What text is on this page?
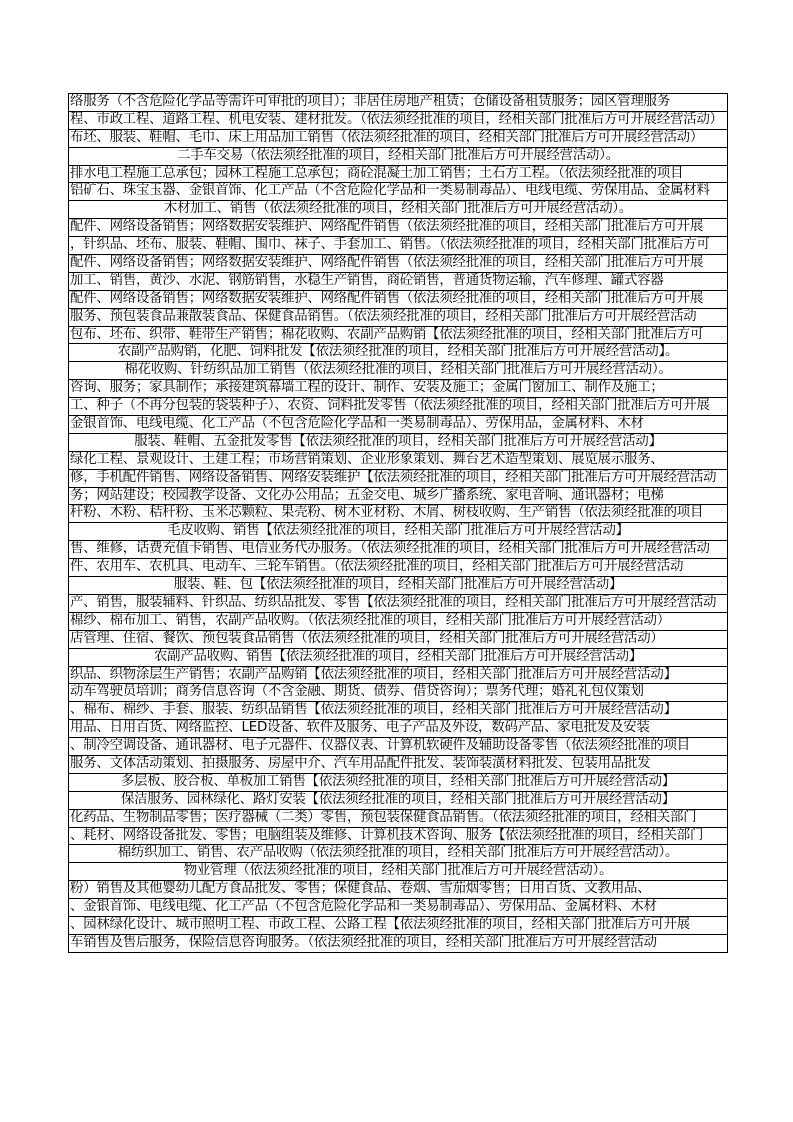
络服务（不含危险化学品等需许可审批的项目）；非居住房地产租赁；仓储设备租赁服务；园区管理服务
程、市政工程、道路工程、机电安装、建材批发。（依法须经批准的项目，经相关部门批准后方可开展经营活动）
布坯、服装、鞋帽、毛巾、床上用品加工销售（依法须经批准的项目，经相关部门批准后方可开展经营活动）
二手车交易（依法须经批准的项目，经相关部门批准后方可开展经营活动）。
排水电工程施工总承包；园林工程施工总承包；商砼混凝土加工销售；土石方工程。（依法须经批准的项目
铝矿石、珠宝玉器、金银首饰、化工产品（不含危险化学品和一类易制毒品）、电线电缆、劳保用品、金属材料
木材加工、销售（依法须经批准的项目，经相关部门批准后方可开展经营活动）。
配件、网络设备销售；网络数据安装维护、网络配件销售（依法须经批准的项目，经相关部门批准后方可开展
，针织品、坯布、服装、鞋帽、围巾、袜子、手套加工、销售。（依法须经批准的项目，经相关部门批准后方可
配件、网络设备销售；网络数据安装维护、网络配件销售（依法须经批准的项目，经相关部门批准后方可开展
加工、销售，黄沙、水泥、钢筋销售，水稳生产销售，商砼销售，普通货物运输，汽车修理、罐式容器
配件、网络设备销售；网络数据安装维护、网络配件销售（依法须经批准的项目，经相关部门批准后方可开展
服务、预包装食品兼散装食品、保健食品销售。（依法须经批准的项目，经相关部门批准后方可开展经营活动
包布、坯布、织带、鞋带生产销售；棉花收购、农副产品购销【依法须经批准的项目，经相关部门批准后方可
农副产品购销，化肥、饲料批发【依法须经批准的项目，经相关部门批准后方可开展经营活动】。
棉花收购、针纺织品加工销售（依法须经批准的项目，经相关部门批准后方可开展经营活动）。
咨询、服务；家具制作；承接建筑幕墙工程的设计、制作、安装及施工；金属门窗加工、制作及施工；
工、种子（不再分包装的袋装种子）、农资、饲料批发零售（依法须经批准的项目，经相关部门批准后方可开展
金银首饰、电线电缆、化工产品（不包含危险化学品和一类易制毒品）、劳保用品，金属材料、木材
服装、鞋帽、五金批发零售【依法须经批准的项目，经相关部门批准后方可开展经营活动】
绿化工程、景观设计、土建工程；市场营销策划、企业形象策划、舞台艺术造型策划、展览展示服务、
修，手机配件销售、网络设备销售、网络安装维护【依法须经批准的项目，经相关部门批准后方可开展经营活动
务；网站建设；校园教学设备、文化办公用品；五金交电、城乡广播系统、家电音响、通讯器材；电梯
秆粉、木粉、秸秆粉、玉米芯颗粒、果壳粉、树木亚材粉、木屑、树枝收购、生产销售（依法须经批准的项目
毛皮收购、销售【依法须经批准的项目，经相关部门批准后方可开展经营活动】
售、维修，话费充值卡销售、电信业务代办服务。（依法须经批准的项目，经相关部门批准后方可开展经营活动
件、农用车、农机具、电动车、三轮车销售。（依法须经批准的项目，经相关部门批准后方可开展经营活动
服装、鞋、包【依法须经批准的项目，经相关部门批准后方可开展经营活动】
产、销售，服装辅料、针织品、纺织品批发、零售【依法须经批准的项目，经相关部门批准后方可开展经营活动
棉纱、棉布加工、销售，农副产品收购。（依法须经批准的项目，经相关部门批准后方可开展经营活动）
店管理、住宿、餐饮、预包装食品销售（依法须经批准的项目，经相关部门批准后方可开展经营活动）
农副产品收购、销售【依法须经批准的项目，经相关部门批准后方可开展经营活动】
织品、织物涂层生产销售；农副产品购销【依法须经批准的项目，经相关部门批准后方可开展经营活动】
动车驾驶员培训；商务信息咨询（不含金融、期货、债券、借贷咨询）；票务代理；婚礼礼包仪策划
、棉布、棉纱、手套、服装、纺织品销售【依法须经批准的项目，经相关部门批准后方可开展经营活动】
用品、日用百货、网络监控、LED设备、软件及服务、电子产品及外设，数码产品、家电批发及安装
、制冷空调设备、通讯器材、电子元器件、仪器仪表、计算机软硬件及辅助设备零售（依法须经批准的项目
服务、文体活动策划、拍摄服务、房屋中介、汽车用品配件批发、装饰装潢材料批发、包装用品批发
多层板、胶合板、单板加工销售【依法须经批准的项目，经相关部门批准后方可开展经营活动】
保洁服务、园林绿化、路灯安装【依法须经批准的项目，经相关部门批准后方可开展经营活动】
化药品、生物制品零售；医疗器械（二类）零售，预包装保健食品销售。（依法须经批准的项目，经相关部门
、耗材、网络设备批发、零售；电脑组装及维修、计算机技术咨询、服务【依法须经批准的项目，经相关部门
棉纺织加工、销售、农产品收购（依法须经批准的项目，经相关部门批准后方可开展经营活动）。
物业管理（依法须经批准的项目，经相关部门批准后方可开展经营活动）。
粉）销售及其他婴幼儿配方食品批发、零售；保健食品、卷烟、雪茄烟零售；日用百货、文教用品、
、金银首饰、电线电缆、化工产品（不包含危险化学品和一类易制毒品）、劳保用品、金属材料、木材
、园林绿化设计、城市照明工程、市政工程、公路工程【依法须经批准的项目，经相关部门批准后方可开展
车销售及售后服务，保险信息咨询服务。（依法须经批准的项目，经相关部门批准后方可开展经营活动
